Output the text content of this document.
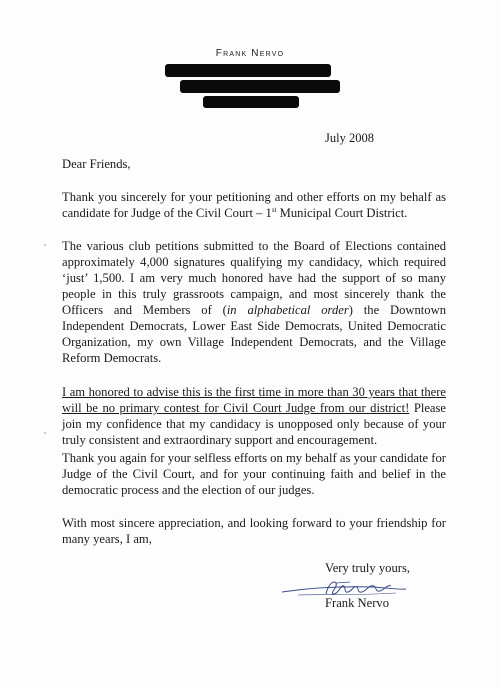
Frank Nervo
July 2008

Dear Friends,

Thank you sincerely for your petitioning and other efforts on my behalf as candidate for Judge of the Civil Court – 1st Municipal Court District.

The various club petitions submitted to the Board of Elections contained approximately 4,000 signatures qualifying my candidacy, which required ‘just’ 1,500. I am very much honored have had the support of so many people in this truly grassroots campaign, and most sincerely thank the Officers and Members of (in alphabetical order) the Downtown Independent Democrats, Lower East Side Democrats, United Democratic Organization, my own Village Independent Democrats, and the Village Reform Democrats.

I am honored to advise this is the first time in more than 30 years that there will be no primary contest for Civil Court Judge from our district! Please join my confidence that my candidacy is unopposed only because of your truly consistent and extraordinary support and encouragement.

Thank you again for your selfless efforts on my behalf as your candidate for Judge of the Civil Court, and for your continuing faith and belief in the democratic process and the election of our judges.

With most sincere appreciation, and looking forward to your friendship for many years, I am,

Very truly yours,
Frank Nervo
